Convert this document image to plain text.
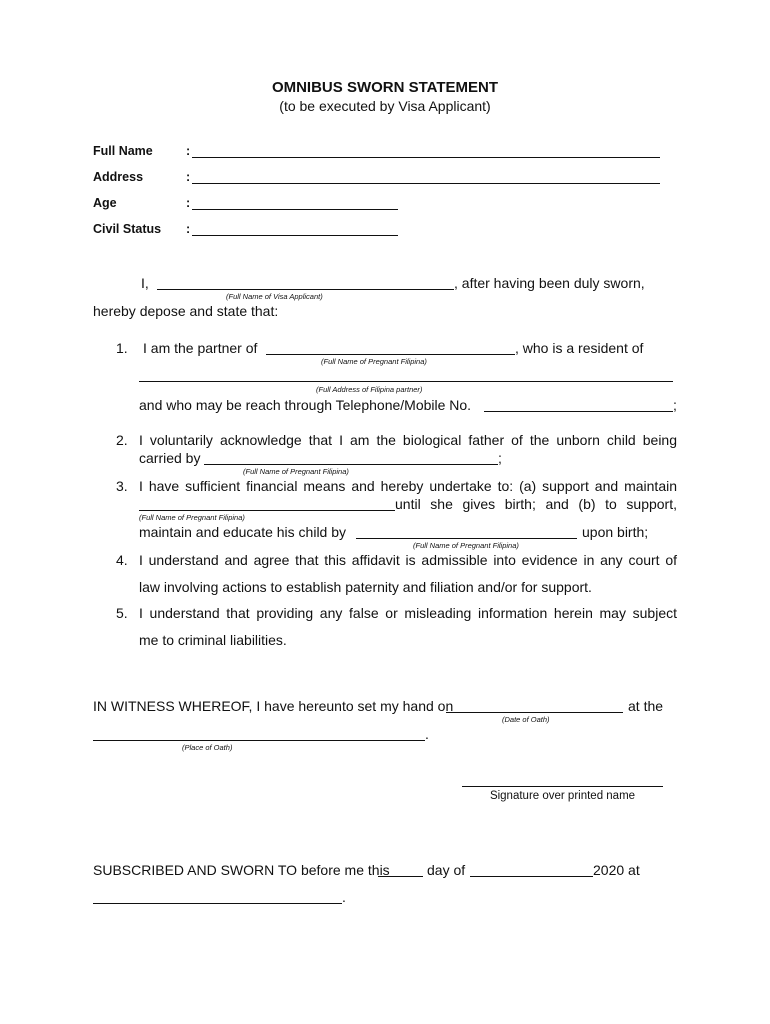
OMNIBUS SWORN STATEMENT
(to be executed by Visa Applicant)
Full Name	:
Address	:
Age	:
Civil Status :
I,	, after having been duly sworn,
(Full Name of Visa Applicant)
hereby depose and state that:
1. I am the partner of	, who is a resident of
(Full Name of Pregnant Filipina)
(Full Address of Filipina partner)
and who may be reach through Telephone/Mobile No.	;
2. I voluntarily acknowledge that I am the biological father of the unborn child being
carried by	;
(Full Name of Pregnant Filipina)
3. I have sufficient financial means and hereby undertake to: (a) support and maintain
until she gives birth; and (b) to support,
(Full Name of Pregnant Filipina)
maintain and educate his child by	upon birth;
(Full Name of Pregnant Filipina)
4. I understand and agree that this affidavit is admissible into evidence in any court of
law involving actions to establish paternity and filiation and/or for support.
5. I understand that providing any false or misleading information herein may subject
me to criminal liabilities.
IN WITNESS WHEREOF, I have hereunto set my hand on	at the
(Date of Oath)
.
(Place of Oath)
Signature over printed name
SUBSCRIBED AND SWORN TO before me this	day of	2020 at
.
